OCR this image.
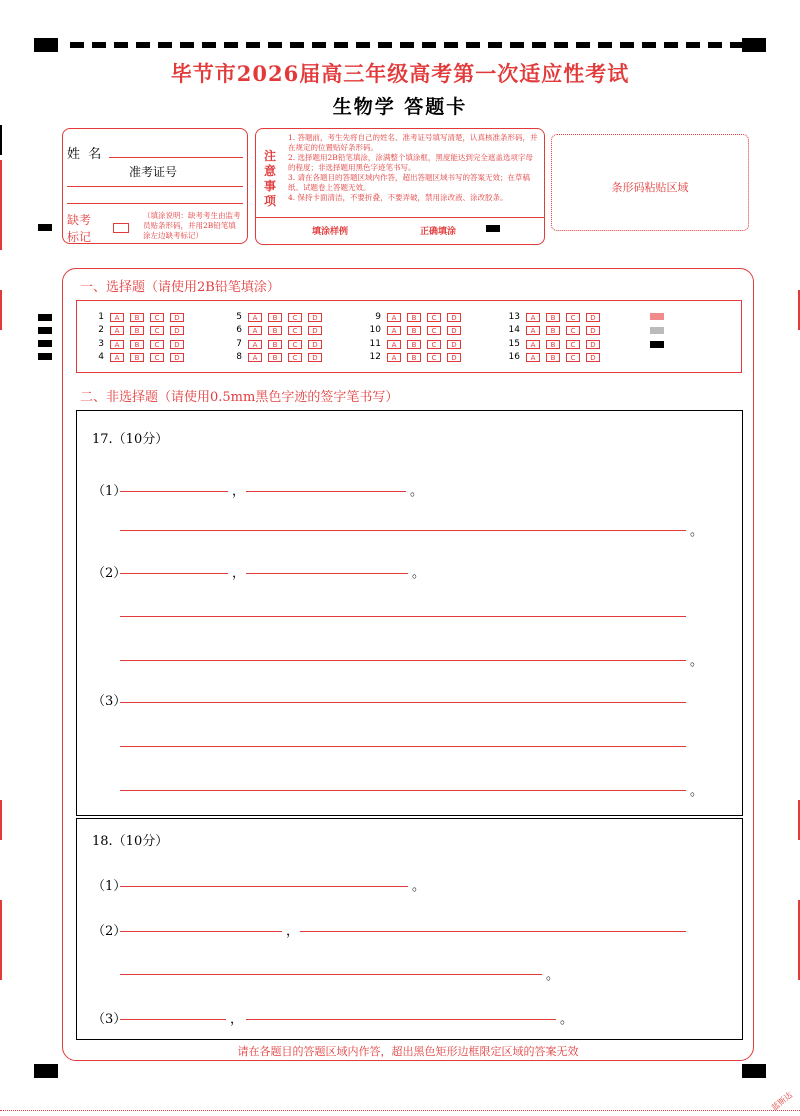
毕节市2026届高三年级高考第一次适应性考试
生物学 答题卡
姓  名
准考证号
缺考
标记
（填涂说明：缺考考生由监考员贴条形码，并用2B铅笔填涂左边缺考标记）
注
意
事
项
1. 答题前，考生先将自己的姓名、准考证号填写清楚，认真核准条形码，并在规定的位置贴好条形码。
2. 选择题用2B铅笔填涂，涂满整个填涂框，黑度能达到完全遮盖选项字母的程度；非选择题用黑色字迹笔书写。
3. 请在各题目的答题区域内作答，超出答题区域书写的答案无效；在草稿纸、试题卷上答题无效。
4. 保持卡面清洁，不要折叠，不要弄破，禁用涂改液、涂改胶条。
填涂样例	正确填涂
条形码粘贴区域
一、选择题（请使用2B铅笔填涂）
1	A	B	C	D
2	A	B	C	D
3	A	B	C	D
4	A	B	C	D
5	A	B	C	D
6	A	B	C	D
7	A	B	C	D
8	A	B	C	D
9	A	B	C	D
10	A	B	C	D
11	A	B	C	D
12	A	B	C	D
13	A	B	C	D
14	A	B	C	D
15	A	B	C	D
16	A	B	C	D
二、非选择题（请使用0.5mm黑色字迹的签字笔书写）
17.（10分）
（1）	，	。
。
（2）	，	。
。
（3）
。
18.（10分）
（1）	。
（2）	，
。
（3）	，	。
请在各题目的答题区域内作答，超出黑色矩形边框限定区域的答案无效
蓝斯达
